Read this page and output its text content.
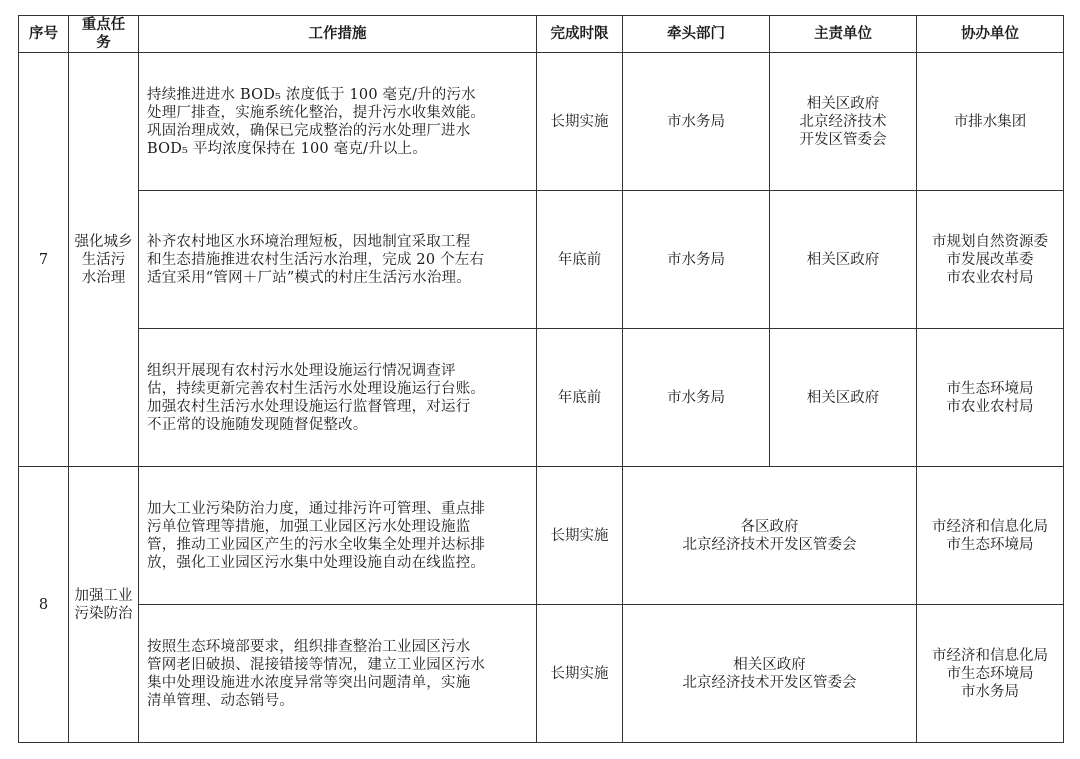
序号	重点任务	工作措施	完成时限	牵头部门	主责单位	协办单位
7	强化城乡
生活污
水治理	持续推进进水 BOD₅ 浓度低于 100 毫克/升的污水
处理厂排查，实施系统化整治，提升污水收集效能。
巩固治理成效，确保已完成整治的污水处理厂进水
BOD₅ 平均浓度保持在 100 毫克/升以上。	长期实施	市水务局	相关区政府
北京经济技术
开发区管委会	市排水集团

		补齐农村地区水环境治理短板，因地制宜采取工程
和生态措施推进农村生活污水治理，完成 20 个左右
适宜采用“管网＋厂站”模式的村庄生活污水治理。	年底前	市水务局	相关区政府	市规划自然资源委
市发展改革委
市农业农村局

		组织开展现有农村污水处理设施运行情况调查评
估，持续更新完善农村生活污水处理设施运行台账。
加强农村生活污水处理设施运行监督管理，对运行
不正常的设施随发现随督促整改。	年底前	市水务局	相关区政府	市生态环境局
市农业农村局

8	加强工业
污染防治	加大工业污染防治力度，通过排污许可管理、重点排
污单位管理等措施，加强工业园区污水处理设施监
管，推动工业园区产生的污水全收集全处理并达标排
放，强化工业园区污水集中处理设施自动在线监控。	长期实施	各区政府
北京经济技术开发区管委会		市经济和信息化局
市生态环境局

		按照生态环境部要求，组织排查整治工业园区污水
管网老旧破损、混接错接等情况，建立工业园区污水
集中处理设施进水浓度异常等突出问题清单，实施
清单管理、动态销号。	长期实施	相关区政府
北京经济技术开发区管委会		市经济和信息化局
市生态环境局
市水务局
